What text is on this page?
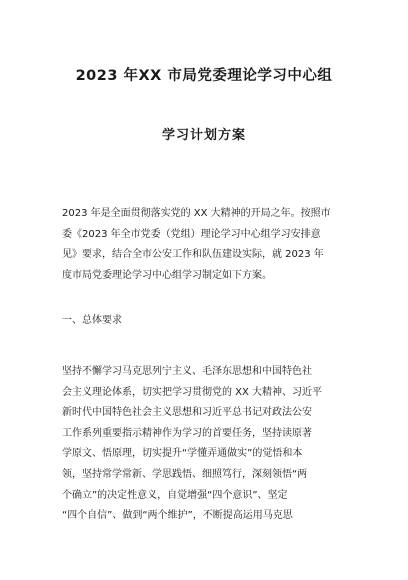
2023 年XX 市局党委理论学习中心组
学习计划方案
2023 年是全面贯彻落实党的 XX 大精神的开局之年。按照市
委《2023 年全市党委（党组）理论学习中心组学习安排意
见》要求，结合全市公安工作和队伍建设实际，就 2023 年
度市局党委理论学习中心组学习制定如下方案。
一、总体要求
坚持不懈学习马克思列宁主义、毛泽东思想和中国特色社
会主义理论体系，切实把学习贯彻党的 XX 大精神、习近平
新时代中国特色社会主义思想和习近平总书记对政法公安
工作系列重要指示精神作为学习的首要任务，坚持读原著
学原文、悟原理，切实提升“学懂弄通做实”的觉悟和本
领，坚持常学常新、学思践悟、细照笃行，深刻领悟“两
个确立”的决定性意义，自觉增强“四个意识”、坚定
“四个自信”、做到“两个维护”，不断提高运用马克思
